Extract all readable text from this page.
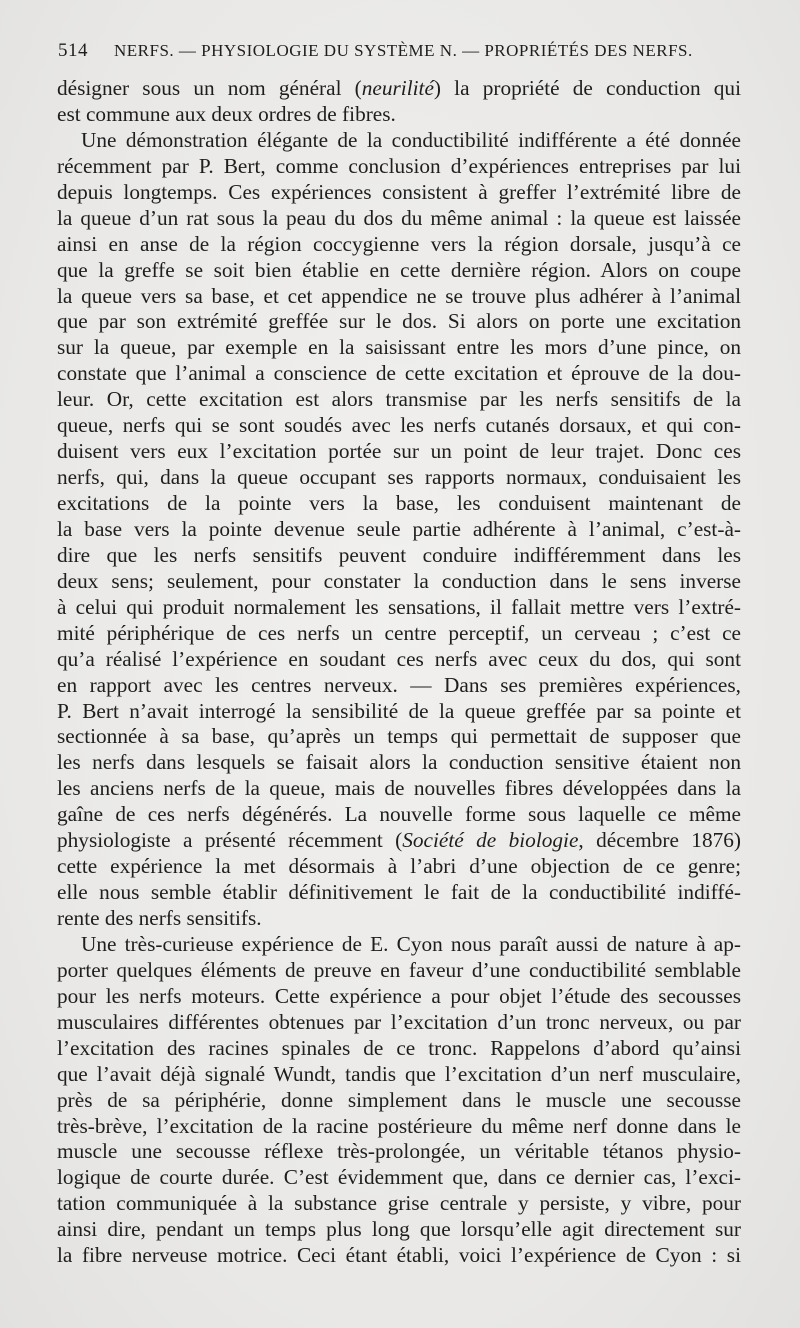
514 NERFS. — PHYSIOLOGIE DU SYSTÈME N. — PROPRIÉTÉS DES NERFS.
désigner sous un nom général (neurilité) la propriété de conduction qui
est commune aux deux ordres de fibres.
Une démonstration élégante de la conductibilité indifférente a été donnée
récemment par P. Bert, comme conclusion d’expériences entreprises par lui
depuis longtemps. Ces expériences consistent à greffer l’extrémité libre de
la queue d’un rat sous la peau du dos du même animal : la queue est laissée
ainsi en anse de la région coccygienne vers la région dorsale, jusqu’à ce
que la greffe se soit bien établie en cette dernière région. Alors on coupe
la queue vers sa base, et cet appendice ne se trouve plus adhérer à l’animal
que par son extrémité greffée sur le dos. Si alors on porte une excitation
sur la queue, par exemple en la saisissant entre les mors d’une pince, on
constate que l’animal a conscience de cette excitation et éprouve de la dou-
leur. Or, cette excitation est alors transmise par les nerfs sensitifs de la
queue, nerfs qui se sont soudés avec les nerfs cutanés dorsaux, et qui con-
duisent vers eux l’excitation portée sur un point de leur trajet. Donc ces
nerfs, qui, dans la queue occupant ses rapports normaux, conduisaient les
excitations de la pointe vers la base, les conduisent maintenant de
la base vers la pointe devenue seule partie adhérente à l’animal, c’est-à-
dire que les nerfs sensitifs peuvent conduire indifféremment dans les
deux sens; seulement, pour constater la conduction dans le sens inverse
à celui qui produit normalement les sensations, il fallait mettre vers l’extré-
mité périphérique de ces nerfs un centre perceptif, un cerveau ; c’est ce
qu’a réalisé l’expérience en soudant ces nerfs avec ceux du dos, qui sont
en rapport avec les centres nerveux. — Dans ses premières expériences,
P. Bert n’avait interrogé la sensibilité de la queue greffée par sa pointe et
sectionnée à sa base, qu’après un temps qui permettait de supposer que
les nerfs dans lesquels se faisait alors la conduction sensitive étaient non
les anciens nerfs de la queue, mais de nouvelles fibres développées dans la
gaîne de ces nerfs dégénérés. La nouvelle forme sous laquelle ce même
physiologiste a présenté récemment (Société de biologie, décembre 1876)
cette expérience la met désormais à l’abri d’une objection de ce genre;
elle nous semble établir définitivement le fait de la conductibilité indiffé-
rente des nerfs sensitifs.
Une très-curieuse expérience de E. Cyon nous paraît aussi de nature à ap-
porter quelques éléments de preuve en faveur d’une conductibilité semblable
pour les nerfs moteurs. Cette expérience a pour objet l’étude des secousses
musculaires différentes obtenues par l’excitation d’un tronc nerveux, ou par
l’excitation des racines spinales de ce tronc. Rappelons d’abord qu’ainsi
que l’avait déjà signalé Wundt, tandis que l’excitation d’un nerf musculaire,
près de sa périphérie, donne simplement dans le muscle une secousse
très-brève, l’excitation de la racine postérieure du même nerf donne dans le
muscle une secousse réflexe très-prolongée, un véritable tétanos physio-
logique de courte durée. C’est évidemment que, dans ce dernier cas, l’exci-
tation communiquée à la substance grise centrale y persiste, y vibre, pour
ainsi dire, pendant un temps plus long que lorsqu’elle agit directement sur
la fibre nerveuse motrice. Ceci étant établi, voici l’expérience de Cyon : si
